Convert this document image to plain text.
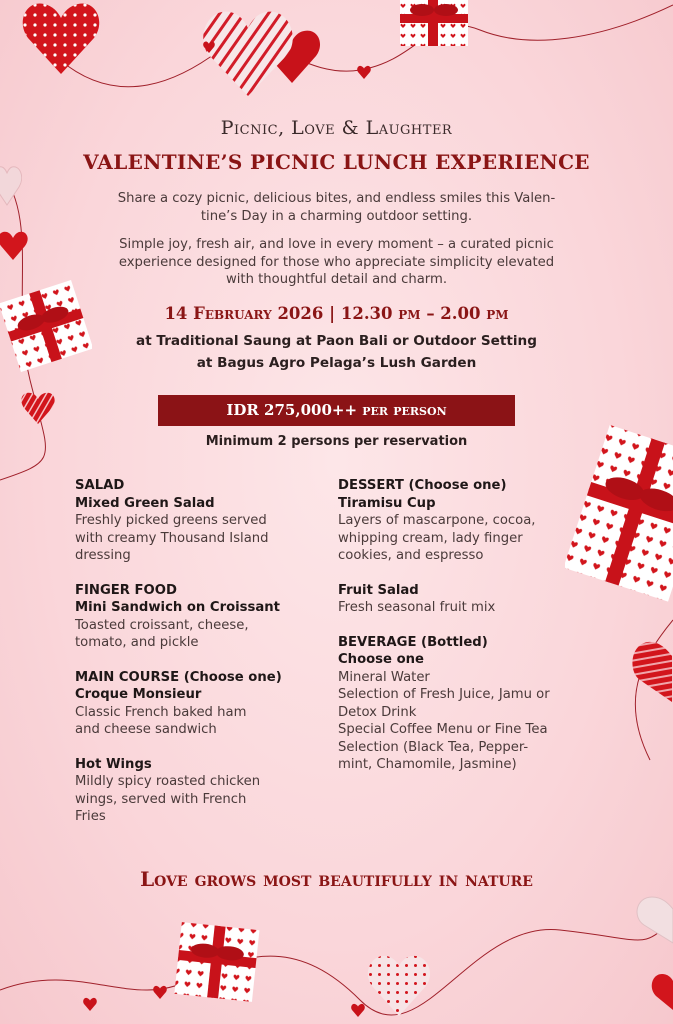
Picnic, Love & Laughter
VALENTINE’S PICNIC LUNCH EXPERIENCE
Share a cozy picnic, delicious bites, and endless smiles this Valen-
tine’s Day in a charming outdoor setting.
Simple joy, fresh air, and love in every moment – a curated picnic
experience designed for those who appreciate simplicity elevated
with thoughtful detail and charm.
14 February 2026 | 12.30 pm – 2.00 pm
at Traditional Saung at Paon Bali or Outdoor Setting
at Bagus Agro Pelaga’s Lush Garden
IDR 275,000++ per person
Minimum 2 persons per reservation
SALAD
Mixed Green Salad
Freshly picked greens served
with creamy Thousand Island
dressing
FINGER FOOD
Mini Sandwich on Croissant
Toasted croissant, cheese,
tomato, and pickle
MAIN COURSE (Choose one)
Croque Monsieur
Classic French baked ham
and cheese sandwich
Hot Wings
Mildly spicy roasted chicken
wings, served with French
Fries
DESSERT (Choose one)
Tiramisu Cup
Layers of mascarpone, cocoa,
whipping cream, lady finger
cookies, and espresso
Fruit Salad
Fresh seasonal fruit mix
BEVERAGE (Bottled)
Choose one
Mineral Water
Selection of Fresh Juice, Jamu or
Detox Drink
Special Coffee Menu or Fine Tea
Selection (Black Tea, Pepper-
mint, Chamomile, Jasmine)
Love grows most beautifully in nature
